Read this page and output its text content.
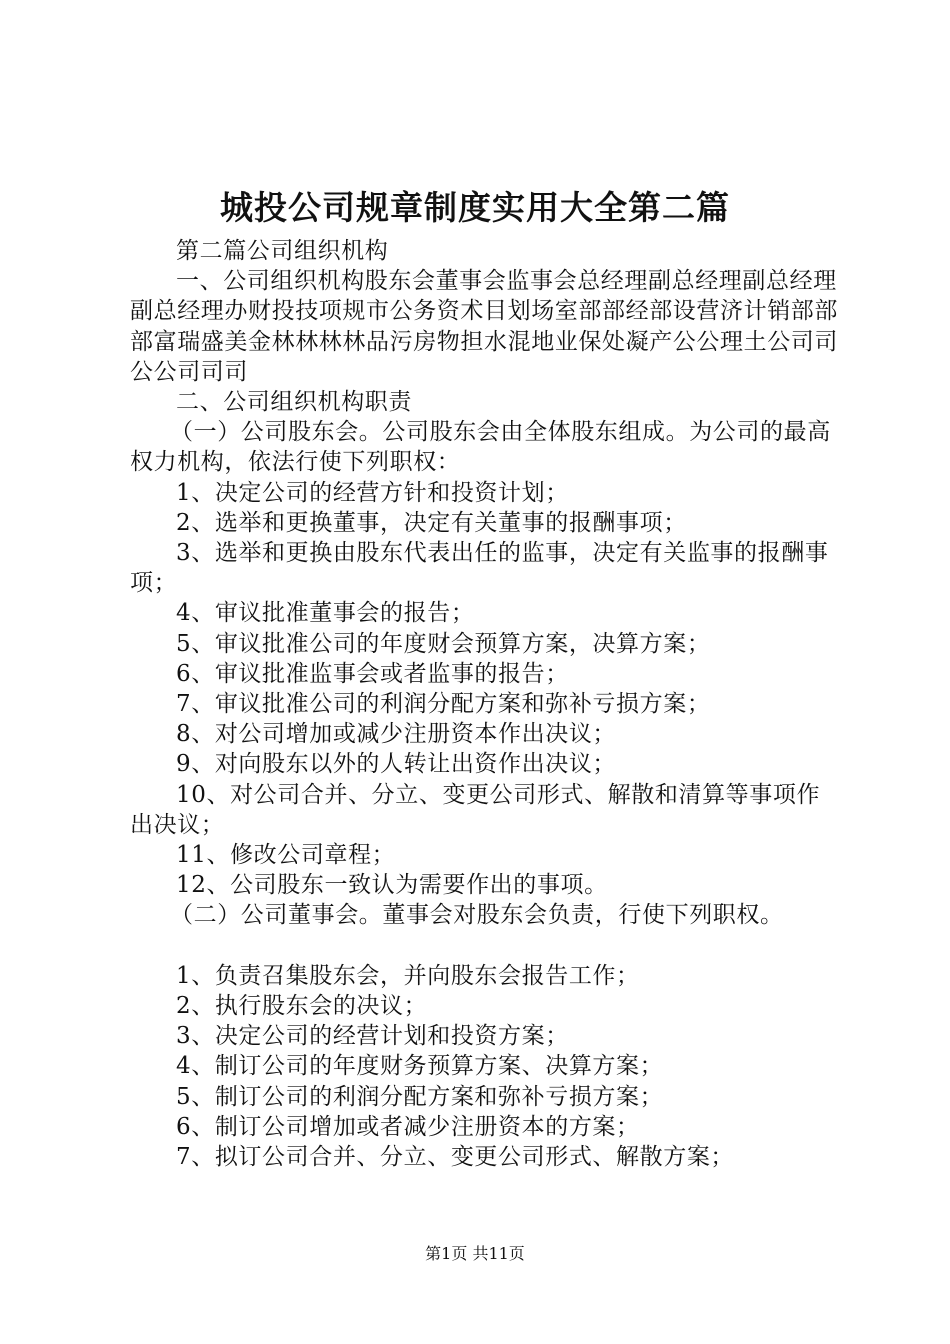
城投公司规章制度实用大全第二篇

第二篇公司组织机构

一、公司组织机构股东会董事会监事会总经理副总经理副总经理副总经理办财投技项规市公务资术目划场室部部经部设营济计销部部部富瑞盛美金林林林林品污房物担水混地业保处凝产公公理土公司司公公司司司

二、公司组织机构职责

（一）公司股东会。公司股东会由全体股东组成。为公司的最高权力机构，依法行使下列职权：

1、决定公司的经营方针和投资计划；

2、选举和更换董事，决定有关董事的报酬事项；

3、选举和更换由股东代表出任的监事，决定有关监事的报酬事项；

4、审议批准董事会的报告；

5、审议批准公司的年度财会预算方案，决算方案；

6、审议批准监事会或者监事的报告；

7、审议批准公司的利润分配方案和弥补亏损方案；

8、对公司增加或减少注册资本作出决议；

9、对向股东以外的人转让出资作出决议；

10、对公司合并、分立、变更公司形式、解散和清算等事项作出决议；

11、修改公司章程；

12、公司股东一致认为需要作出的事项。

（二）公司董事会。董事会对股东会负责，行使下列职权。

1、负责召集股东会，并向股东会报告工作；

2、执行股东会的决议；

3、决定公司的经营计划和投资方案；

4、制订公司的年度财务预算方案、决算方案；

5、制订公司的利润分配方案和弥补亏损方案；

6、制订公司增加或者减少注册资本的方案；

7、拟订公司合并、分立、变更公司形式、解散方案；

第1页 共11页
